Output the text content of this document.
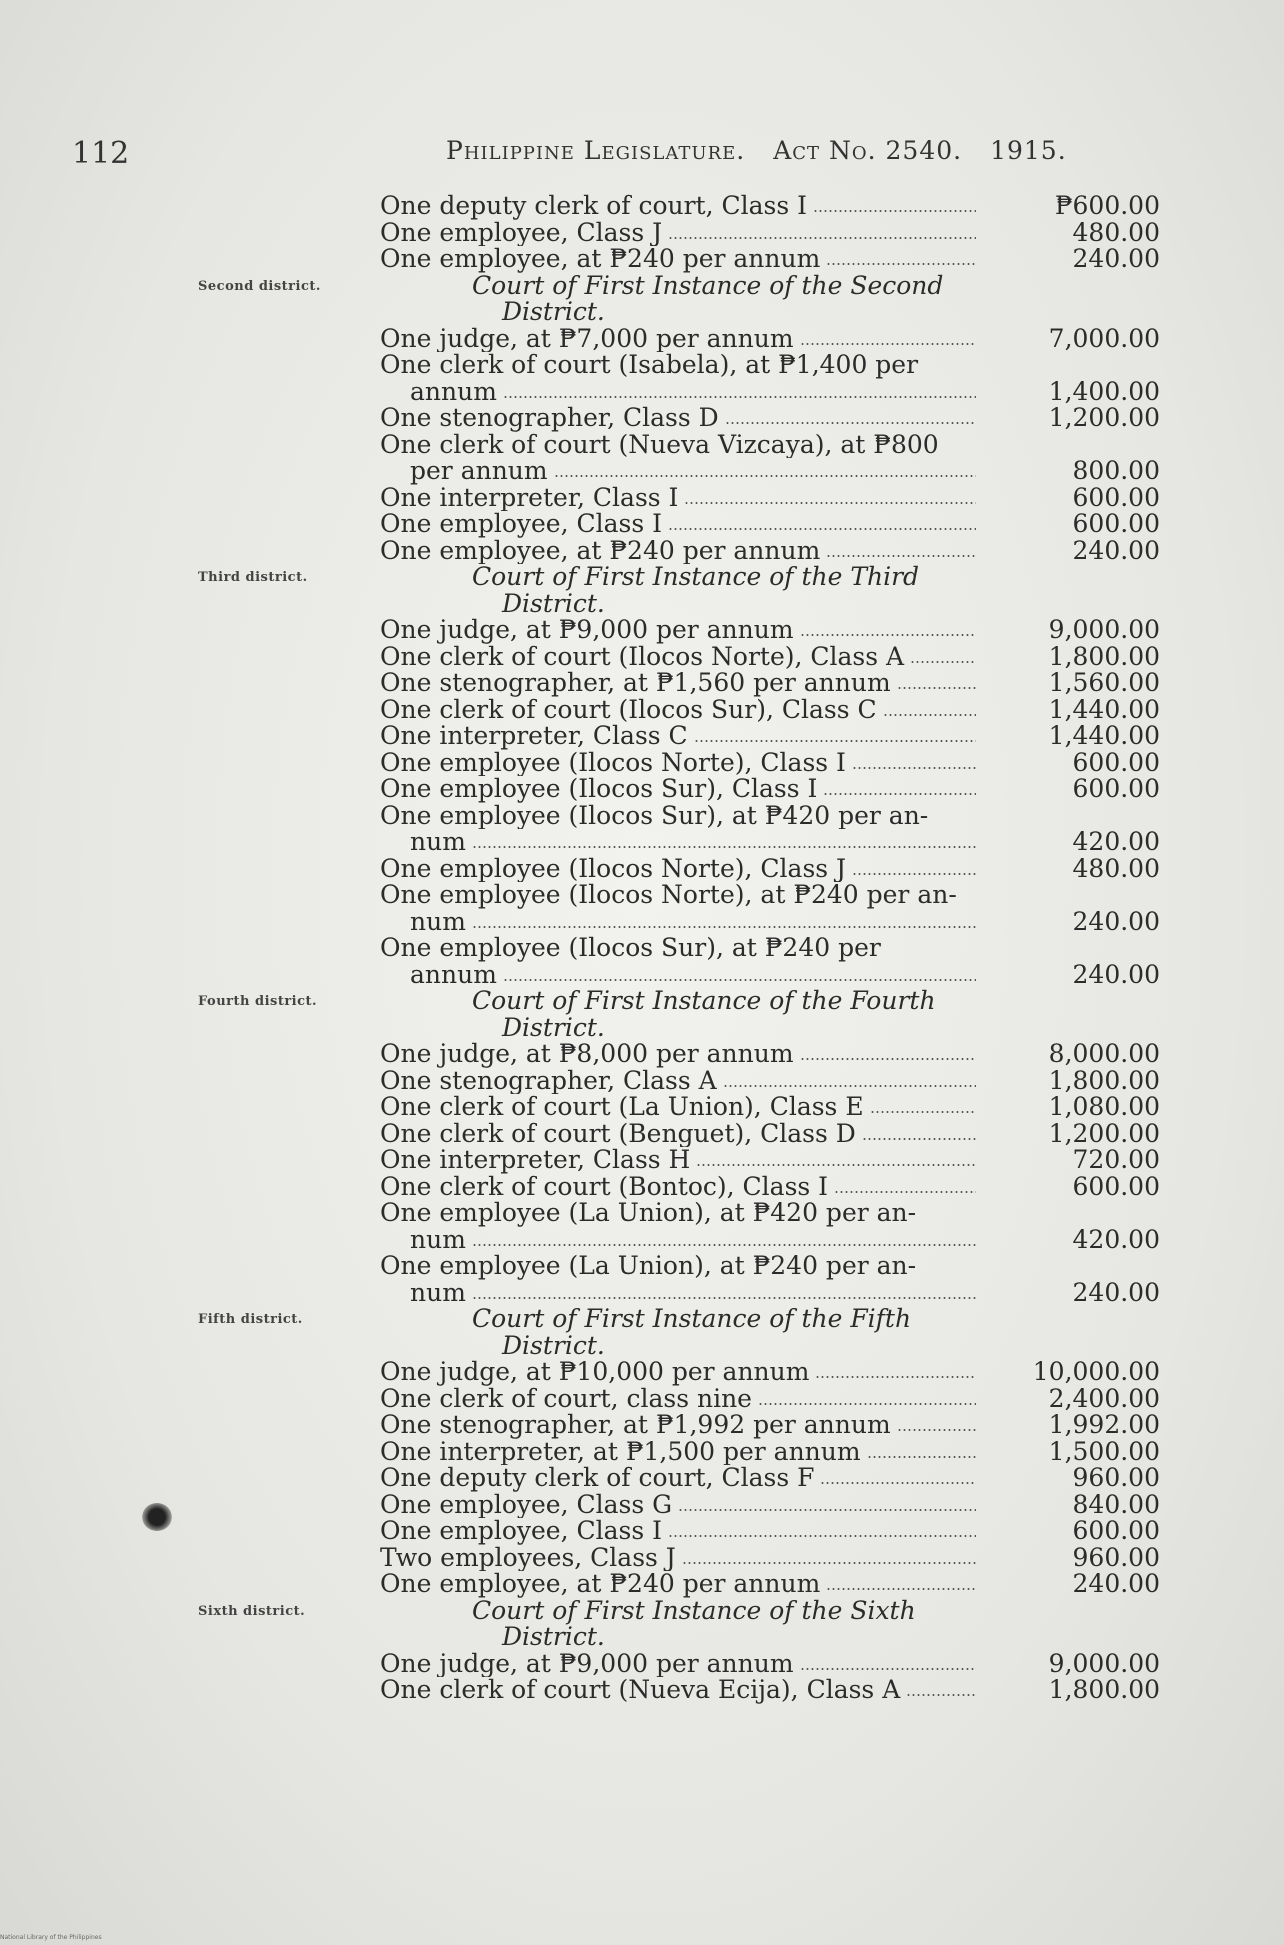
112	Philippine Legislature. Act No. 2540. 1915.
One deputy clerk of court, Class I	₱600.00
One employee, Class J	480.00
One employee, at ₱240 per annum	240.00
Court of First Instance of the Second
District.
One judge, at ₱7,000 per annum	7,000.00
One clerk of court (Isabela), at ₱1,400 per
annum	1,400.00
One stenographer, Class D	1,200.00
One clerk of court (Nueva Vizcaya), at ₱800
per annum	800.00
One interpreter, Class I	600.00
One employee, Class I	600.00
One employee, at ₱240 per annum	240.00
Court of First Instance of the Third
District.
One judge, at ₱9,000 per annum	9,000.00
One clerk of court (Ilocos Norte), Class A	1,800.00
One stenographer, at ₱1,560 per annum	1,560.00
One clerk of court (Ilocos Sur), Class C	1,440.00
One interpreter, Class C	1,440.00
One employee (Ilocos Norte), Class I	600.00
One employee (Ilocos Sur), Class I	600.00
One employee (Ilocos Sur), at ₱420 per an-
num	420.00
One employee (Ilocos Norte), Class J	480.00
One employee (Ilocos Norte), at ₱240 per an-
num	240.00
One employee (Ilocos Sur), at ₱240 per
annum	240.00
Court of First Instance of the Fourth
District.
One judge, at ₱8,000 per annum	8,000.00
One stenographer, Class A	1,800.00
One clerk of court (La Union), Class E	1,080.00
One clerk of court (Benguet), Class D	1,200.00
One interpreter, Class H	720.00
One clerk of court (Bontoc), Class I	600.00
One employee (La Union), at ₱420 per an-
num	420.00
One employee (La Union), at ₱240 per an-
num	240.00
Court of First Instance of the Fifth
District.
One judge, at ₱10,000 per annum	10,000.00
One clerk of court, class nine	2,400.00
One stenographer, at ₱1,992 per annum	1,992.00
One interpreter, at ₱1,500 per annum	1,500.00
One deputy clerk of court, Class F	960.00
One employee, Class G	840.00
One employee, Class I	600.00
Two employees, Class J	960.00
One employee, at ₱240 per annum	240.00
Court of First Instance of the Sixth
District.
One judge, at ₱9,000 per annum	9,000.00
One clerk of court (Nueva Ecija), Class A	1,800.00
National Library of the Philippines
Second district.
Third district.
Fourth district.
Fifth district.
Sixth district.
